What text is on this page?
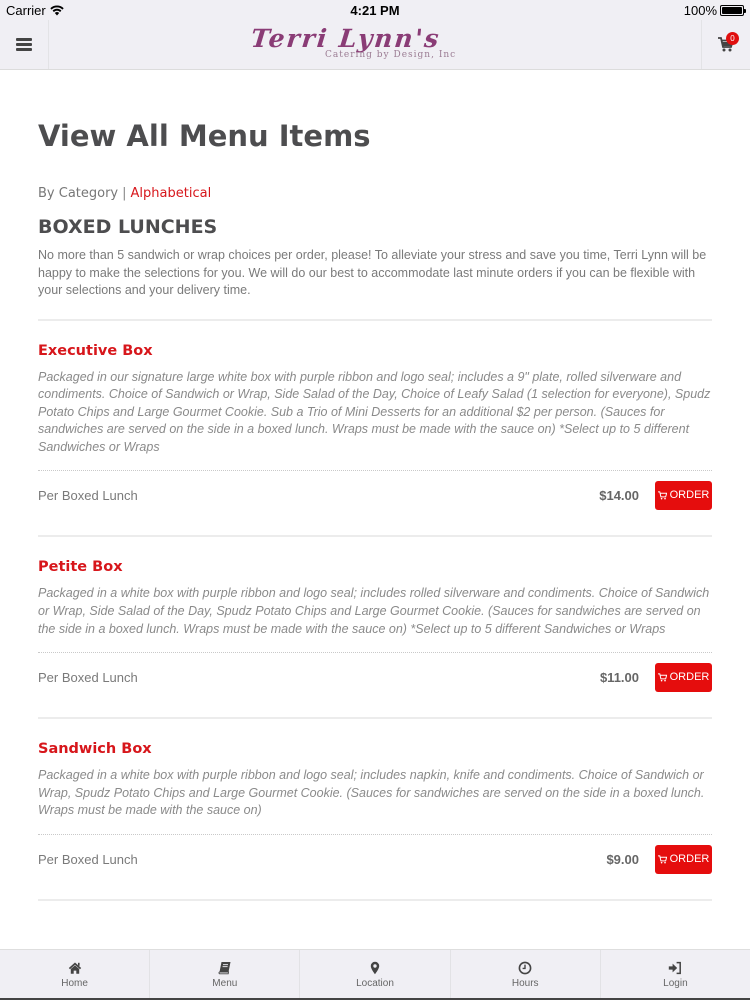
Carrier	4:21 PM	100%
Terri Lynn's
Catering by Design, Inc
0
View All Menu Items
By Category | Alphabetical
BOXED LUNCHES

No more than 5 sandwich or wrap choices per order, please! To alleviate your stress and save you time, Terri Lynn will be happy to make the selections for you. We will do our best to accommodate last minute orders if you can be flexible with your selections and your delivery time.

Executive Box

Packaged in our signature large white box with purple ribbon and logo seal; includes a 9" plate, rolled silverware and condiments. Choice of Sandwich or Wrap, Side Salad of the Day, Choice of Leafy Salad (1 selection for everyone), Spudz Potato Chips and Large Gourmet Cookie. Sub a Trio of Mini Desserts for an additional $2 per person. (Sauces for sandwiches are served on the side in a boxed lunch. Wraps must be made with the sauce on) *Select up to 5 different Sandwiches or Wraps

Per Boxed Lunch	$14.00	ORDER
Petite Box

Packaged in a white box with purple ribbon and logo seal; includes rolled silverware and condiments. Choice of Sandwich or Wrap, Side Salad of the Day, Spudz Potato Chips and Large Gourmet Cookie. (Sauces for sandwiches are served on the side in a boxed lunch. Wraps must be made with the sauce on) *Select up to 5 different Sandwiches or Wraps

Per Boxed Lunch	$11.00	ORDER
Sandwich Box

Packaged in a white box with purple ribbon and logo seal; includes napkin, knife and condiments. Choice of Sandwich or Wrap, Spudz Potato Chips and Large Gourmet Cookie. (Sauces for sandwiches are served on the side in a boxed lunch. Wraps must be made with the sauce on)

Per Boxed Lunch	$9.00	ORDER
Home	Menu	Location	Hours	Login
